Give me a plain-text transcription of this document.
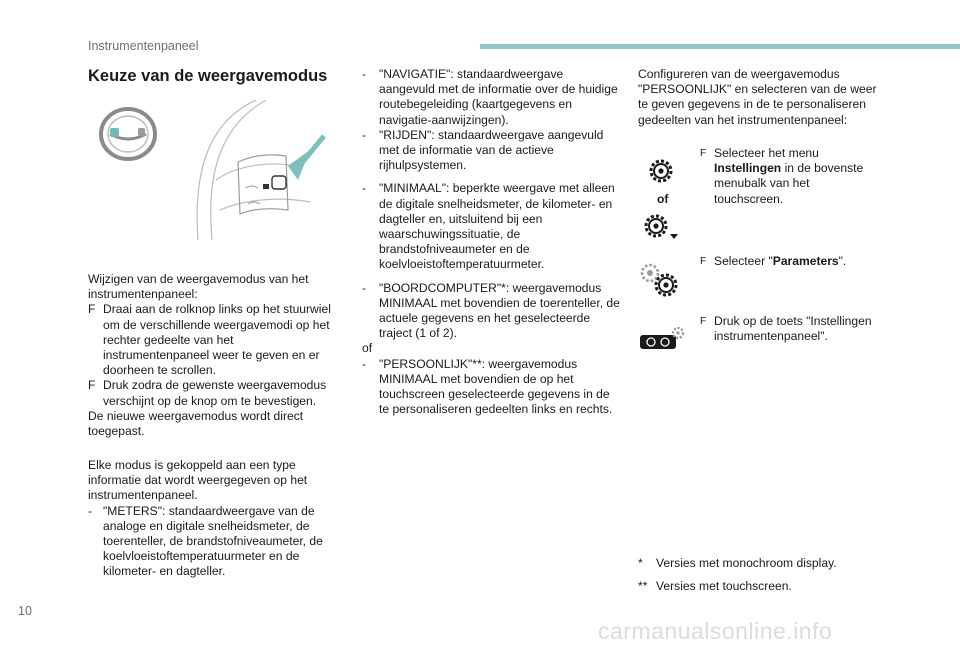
Instrumentenpaneel
Keuze van de weergavemodus

Wijzigen van de weergavemodus van het instrumentenpaneel:

F Draai aan de rolknop links op het stuurwiel om de verschillende weergavemodi op het rechter gedeelte van het instrumentenpaneel weer te geven en er doorheen te scrollen.

F Druk zodra de gewenste weergavemodus verschijnt op de knop om te bevestigen.

De nieuwe weergavemodus wordt direct toegepast.

Elke modus is gekoppeld aan een type informatie dat wordt weergegeven op het instrumentenpaneel.

- "METERS": standaardweergave van de analoge en digitale snelheidsmeter, de toerenteller, de brandstofniveaumeter, de koelvloeistoftemperatuurmeter en de kilometer- en dagteller.

- "NAVIGATIE": standaardweergave aangevuld met de informatie over de huidige routebegeleiding (kaartgegevens en navigatie-aanwijzingen).

- "RIJDEN": standaardweergave aangevuld met de informatie van de actieve rijhulpsystemen.

- "MINIMAAL": beperkte weergave met alleen de digitale snelheidsmeter, de kilometer- en dagteller en, uitsluitend bij een waarschuwingssituatie, de brandstofniveaumeter en de koelvloeistoftemperatuurmeter.

- "BOORDCOMPUTER"*: weergavemodus MINIMAAL met bovendien de toerenteller, de actuele gegevens en het geselecteerde traject (1 of 2).

of

- "PERSOONLIJK"**: weergavemodus MINIMAAL met bovendien de op het touchscreen geselecteerde gegevens in de te personaliseren gedeelten links en rechts.

Configureren van de weergavemodus "PERSOONLIJK" en selecteren van de weer te geven gegevens in de te personaliseren gedeelten van het instrumentenpaneel:
of

F Selecteer het menu
Instellingen in de bovenste menubalk van het touchscreen.

F Selecteer "Parameters".

F Druk op de toets "Instellingen instrumentenpaneel".

* Versies met monochroom display.
** Versies met touchscreen.
10
carmanualsonline.info
